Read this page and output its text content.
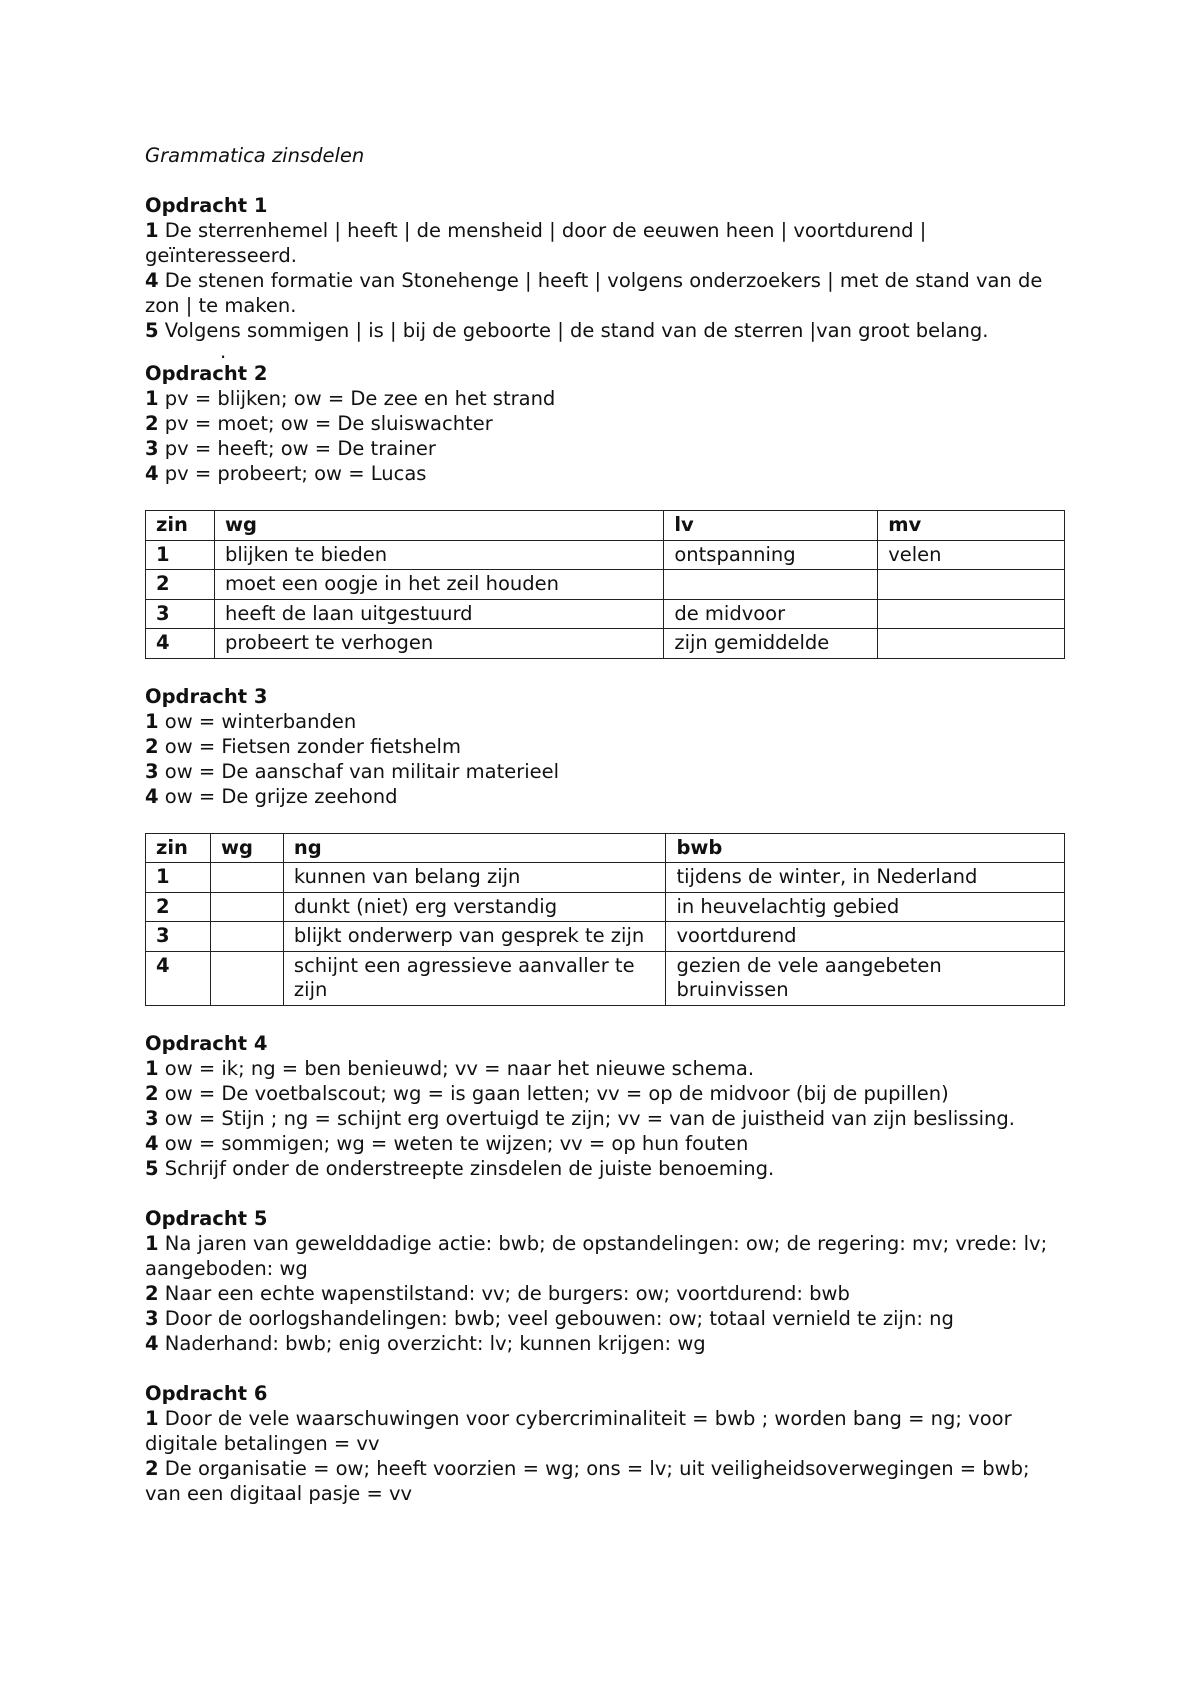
Grammatica zinsdelen
Opdracht 1
1 De sterrenhemel | heeft | de mensheid | door de eeuwen heen | voortdurend | geïnteresseerd.
4 De stenen formatie van Stonehenge | heeft | volgens onderzoekers | met de stand van de zon | te maken.
5 Volgens sommigen | is | bij de geboorte | de stand van de sterren |van groot belang.
.
Opdracht 2
1 pv = blijken; ow = De zee en het strand
2 pv = moet; ow = De sluiswachter
3 pv = heeft; ow = De trainer
4 pv = probeert; ow = Lucas
zin	wg	lv	mv
1	blijken te bieden	ontspanning	velen
2	moet een oogje in het zeil houden		
3	heeft de laan uitgestuurd	de midvoor	
4	probeert te verhogen	zijn gemiddelde	
Opdracht 3
1 ow = winterbanden
2 ow = Fietsen zonder fietshelm
3 ow = De aanschaf van militair materieel
4 ow = De grijze zeehond
zin	wg	ng	bwb
1		kunnen van belang zijn	tijdens de winter, in Nederland
2		dunkt (niet) erg verstandig	in heuvelachtig gebied
3		blijkt onderwerp van gesprek te zijn	voortdurend
4		schijnt een agressieve aanvaller te zijn	gezien de vele aangebeten bruinvissen
Opdracht 4
1 ow = ik; ng = ben benieuwd; vv = naar het nieuwe schema.
2 ow = De voetbalscout; wg = is gaan letten; vv = op de midvoor (bij de pupillen)
3 ow = Stijn ; ng = schijnt erg overtuigd te zijn; vv = van de juistheid van zijn beslissing.
4 ow = sommigen; wg = weten te wijzen; vv = op hun fouten
5 Schrijf onder de onderstreepte zinsdelen de juiste benoeming.
Opdracht 5
1 Na jaren van gewelddadige actie: bwb; de opstandelingen: ow; de regering: mv; vrede: lv; aangeboden: wg
2 Naar een echte wapenstilstand: vv; de burgers: ow; voortdurend: bwb
3 Door de oorlogshandelingen: bwb; veel gebouwen: ow; totaal vernield te zijn: ng
4 Naderhand: bwb; enig overzicht: lv; kunnen krijgen: wg
Opdracht 6
1 Door de vele waarschuwingen voor cybercriminaliteit = bwb ; worden bang = ng; voor digitale betalingen = vv
2 De organisatie = ow; heeft voorzien = wg; ons = lv; uit veiligheidsoverwegingen = bwb; van een digitaal pasje = vv
